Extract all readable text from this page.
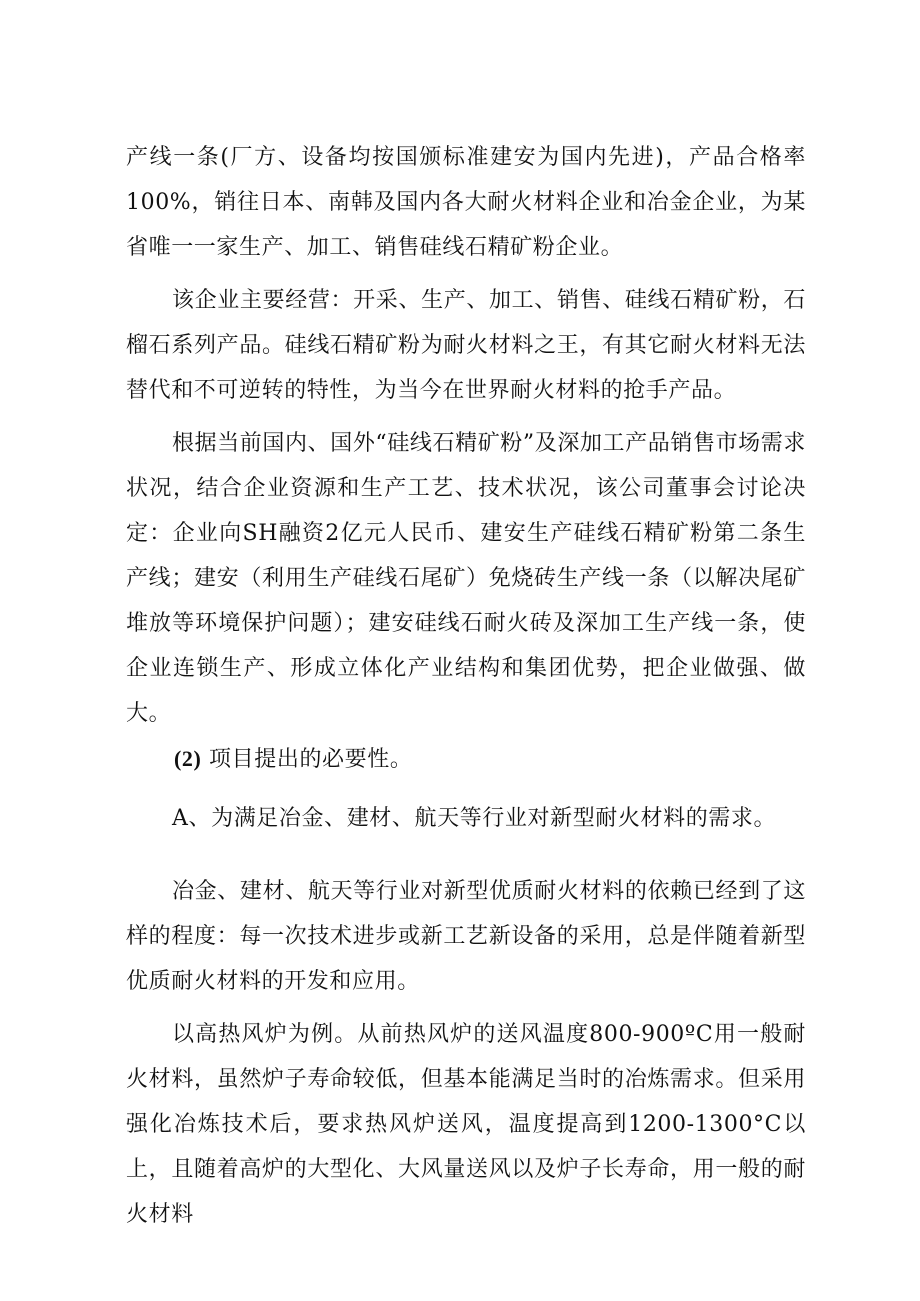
产线一条(厂方、设备均按国颁标准建安为国内先进)，产品合格率100%，销往日本、南韩及国内各大耐火材料企业和冶金企业，为某省唯一一家生产、加工、销售硅线石精矿粉企业。

该企业主要经营：开采、生产、加工、销售、硅线石精矿粉，石榴石系列产品。硅线石精矿粉为耐火材料之王，有其它耐火材料无法替代和不可逆转的特性，为当今在世界耐火材料的抢手产品。

根据当前国内、国外“硅线石精矿粉”及深加工产品销售市场需求状况，结合企业资源和生产工艺、技术状况，该公司董事会讨论决定：企业向SH融资2亿元人民币、建安生产硅线石精矿粉第二条生产线；建安（利用生产硅线石尾矿）免烧砖生产线一条（以解决尾矿堆放等环境保护问题）；建安硅线石耐火砖及深加工生产线一条，使企业连锁生产、形成立体化产业结构和集团优势，把企业做强、做大。

(2) 项目提出的必要性。

A、为满足冶金、建材、航天等行业对新型耐火材料的需求。

冶金、建材、航天等行业对新型优质耐火材料的依赖已经到了这样的程度：每一次技术进步或新工艺新设备的采用，总是伴随着新型优质耐火材料的开发和应用。

以高热风炉为例。从前热风炉的送风温度800-900ºC用一般耐火材料，虽然炉子寿命较低，但基本能满足当时的冶炼需求。但采用强化冶炼技术后，要求热风炉送风，温度提高到1200-1300°C以上，且随着高炉的大型化、大风量送风以及炉子长寿命，用一般的耐火材料
